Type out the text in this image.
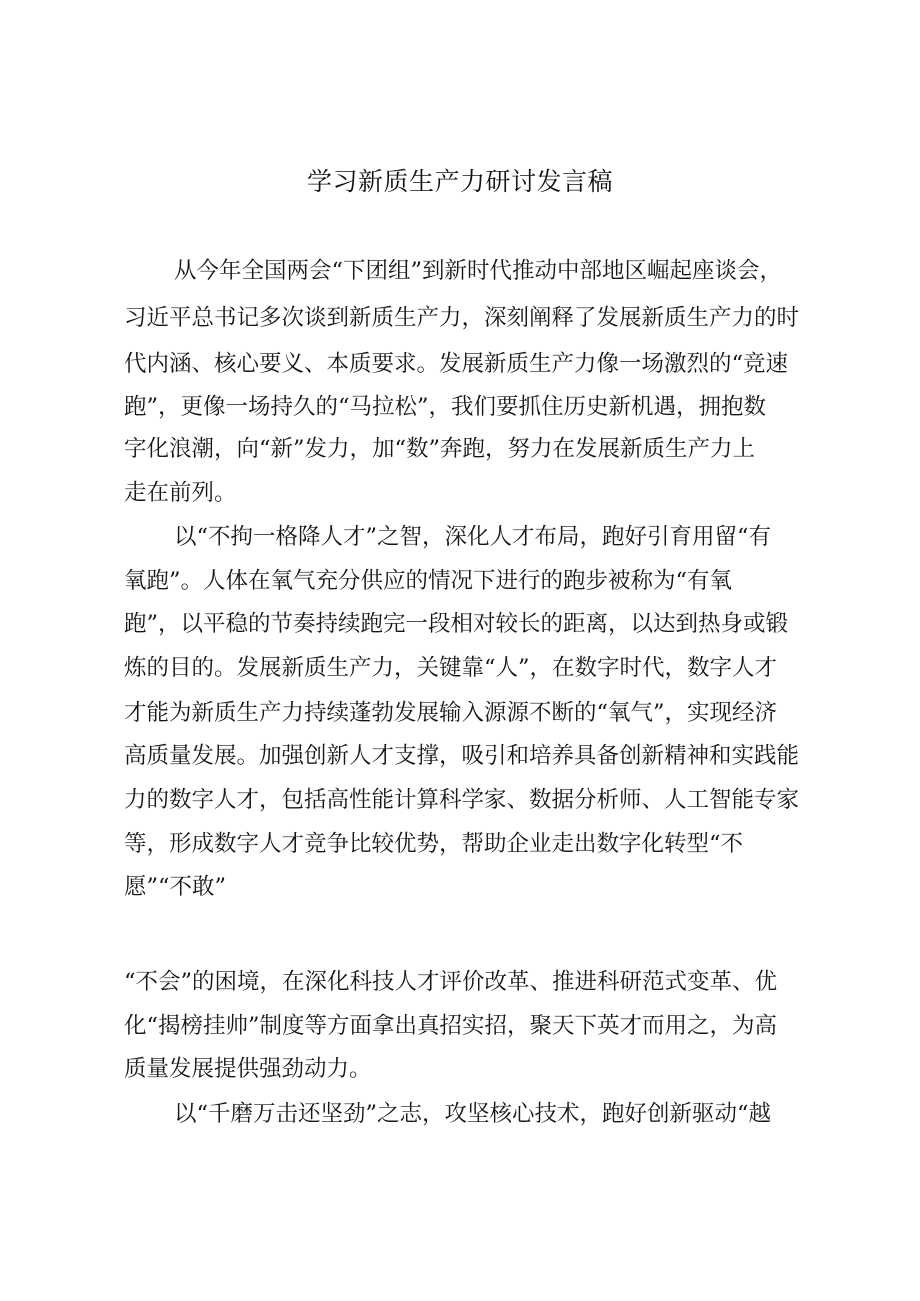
学习新质生产力研讨发言稿
从今年全国两会“下团组”到新时代推动中部地区崛起座谈会，
习近平总书记多次谈到新质生产力，深刻阐释了发展新质生产力的时
代内涵、核心要义、本质要求。发展新质生产力像一场激烈的“竞速
跑”，更像一场持久的“马拉松”，我们要抓住历史新机遇，拥抱数
字化浪潮，向“新”发力，加“数”奔跑，努力在发展新质生产力上
走在前列。
以“不拘一格降人才”之智，深化人才布局，跑好引育用留“有
氧跑”。人体在氧气充分供应的情况下进行的跑步被称为“有氧
跑”，以平稳的节奏持续跑完一段相对较长的距离，以达到热身或锻
炼的目的。发展新质生产力，关键靠“人”，在数字时代，数字人才
才能为新质生产力持续蓬勃发展输入源源不断的“氧气”，实现经济
高质量发展。加强创新人才支撑，吸引和培养具备创新精神和实践能
力的数字人才，包括高性能计算科学家、数据分析师、人工智能专家
等，形成数字人才竞争比较优势，帮助企业走出数字化转型“不
愿”“不敢”
“不会”的困境，在深化科技人才评价改革、推进科研范式变革、优
化“揭榜挂帅”制度等方面拿出真招实招，聚天下英才而用之，为高
质量发展提供强劲动力。
以“千磨万击还坚劲”之志，攻坚核心技术，跑好创新驱动“越
